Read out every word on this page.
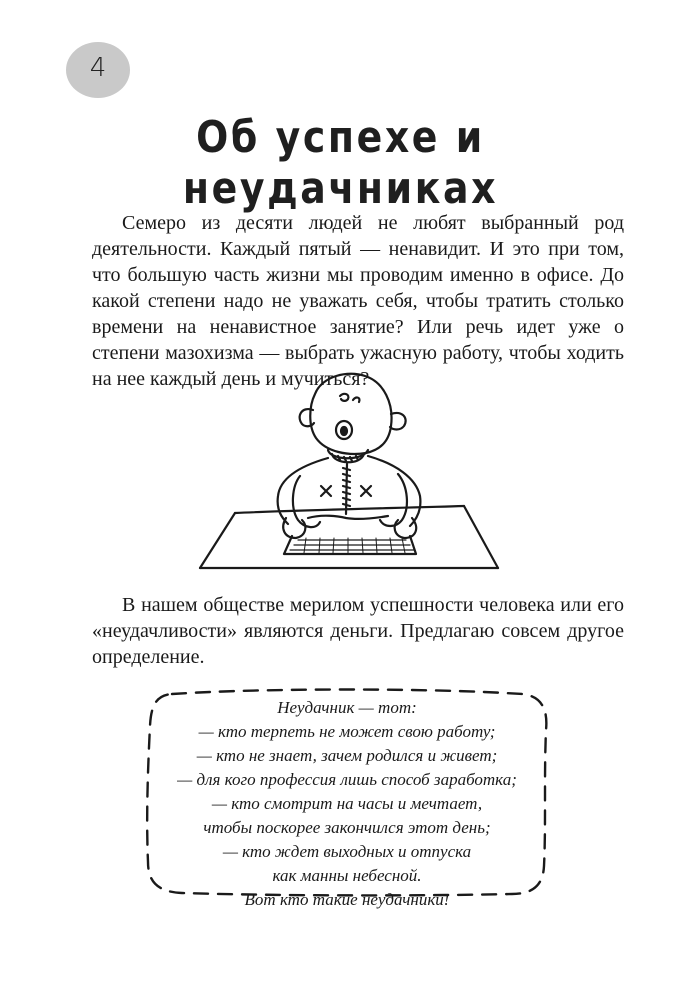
4
Об успехе и неудачниках

Семеро из десяти людей не любят выбранный род деятельности. Каждый пятый — ненавидит. И это при том, что большую часть жизни мы проводим именно в офисе. До какой степени надо не уважать себя, чтобы тратить столько времени на ненавистное занятие? Или речь идет уже о степени мазохизма — выбрать ужасную работу, чтобы ходить на нее каждый день и мучиться?

В нашем обществе мерилом успешности человека или его «неудачливости» являются деньги. Предлагаю совсем другое определение.

Неудачник — тот:
— кто терпеть не может свою работу;
— кто не знает, зачем родился и живет;
— для кого профессия лишь способ заработка;
— кто смотрит на часы и мечтает,
чтобы поскорее закончился этот день;
— кто ждет выходных и отпуска
как манны небесной.
Вот кто такие неудачники!
